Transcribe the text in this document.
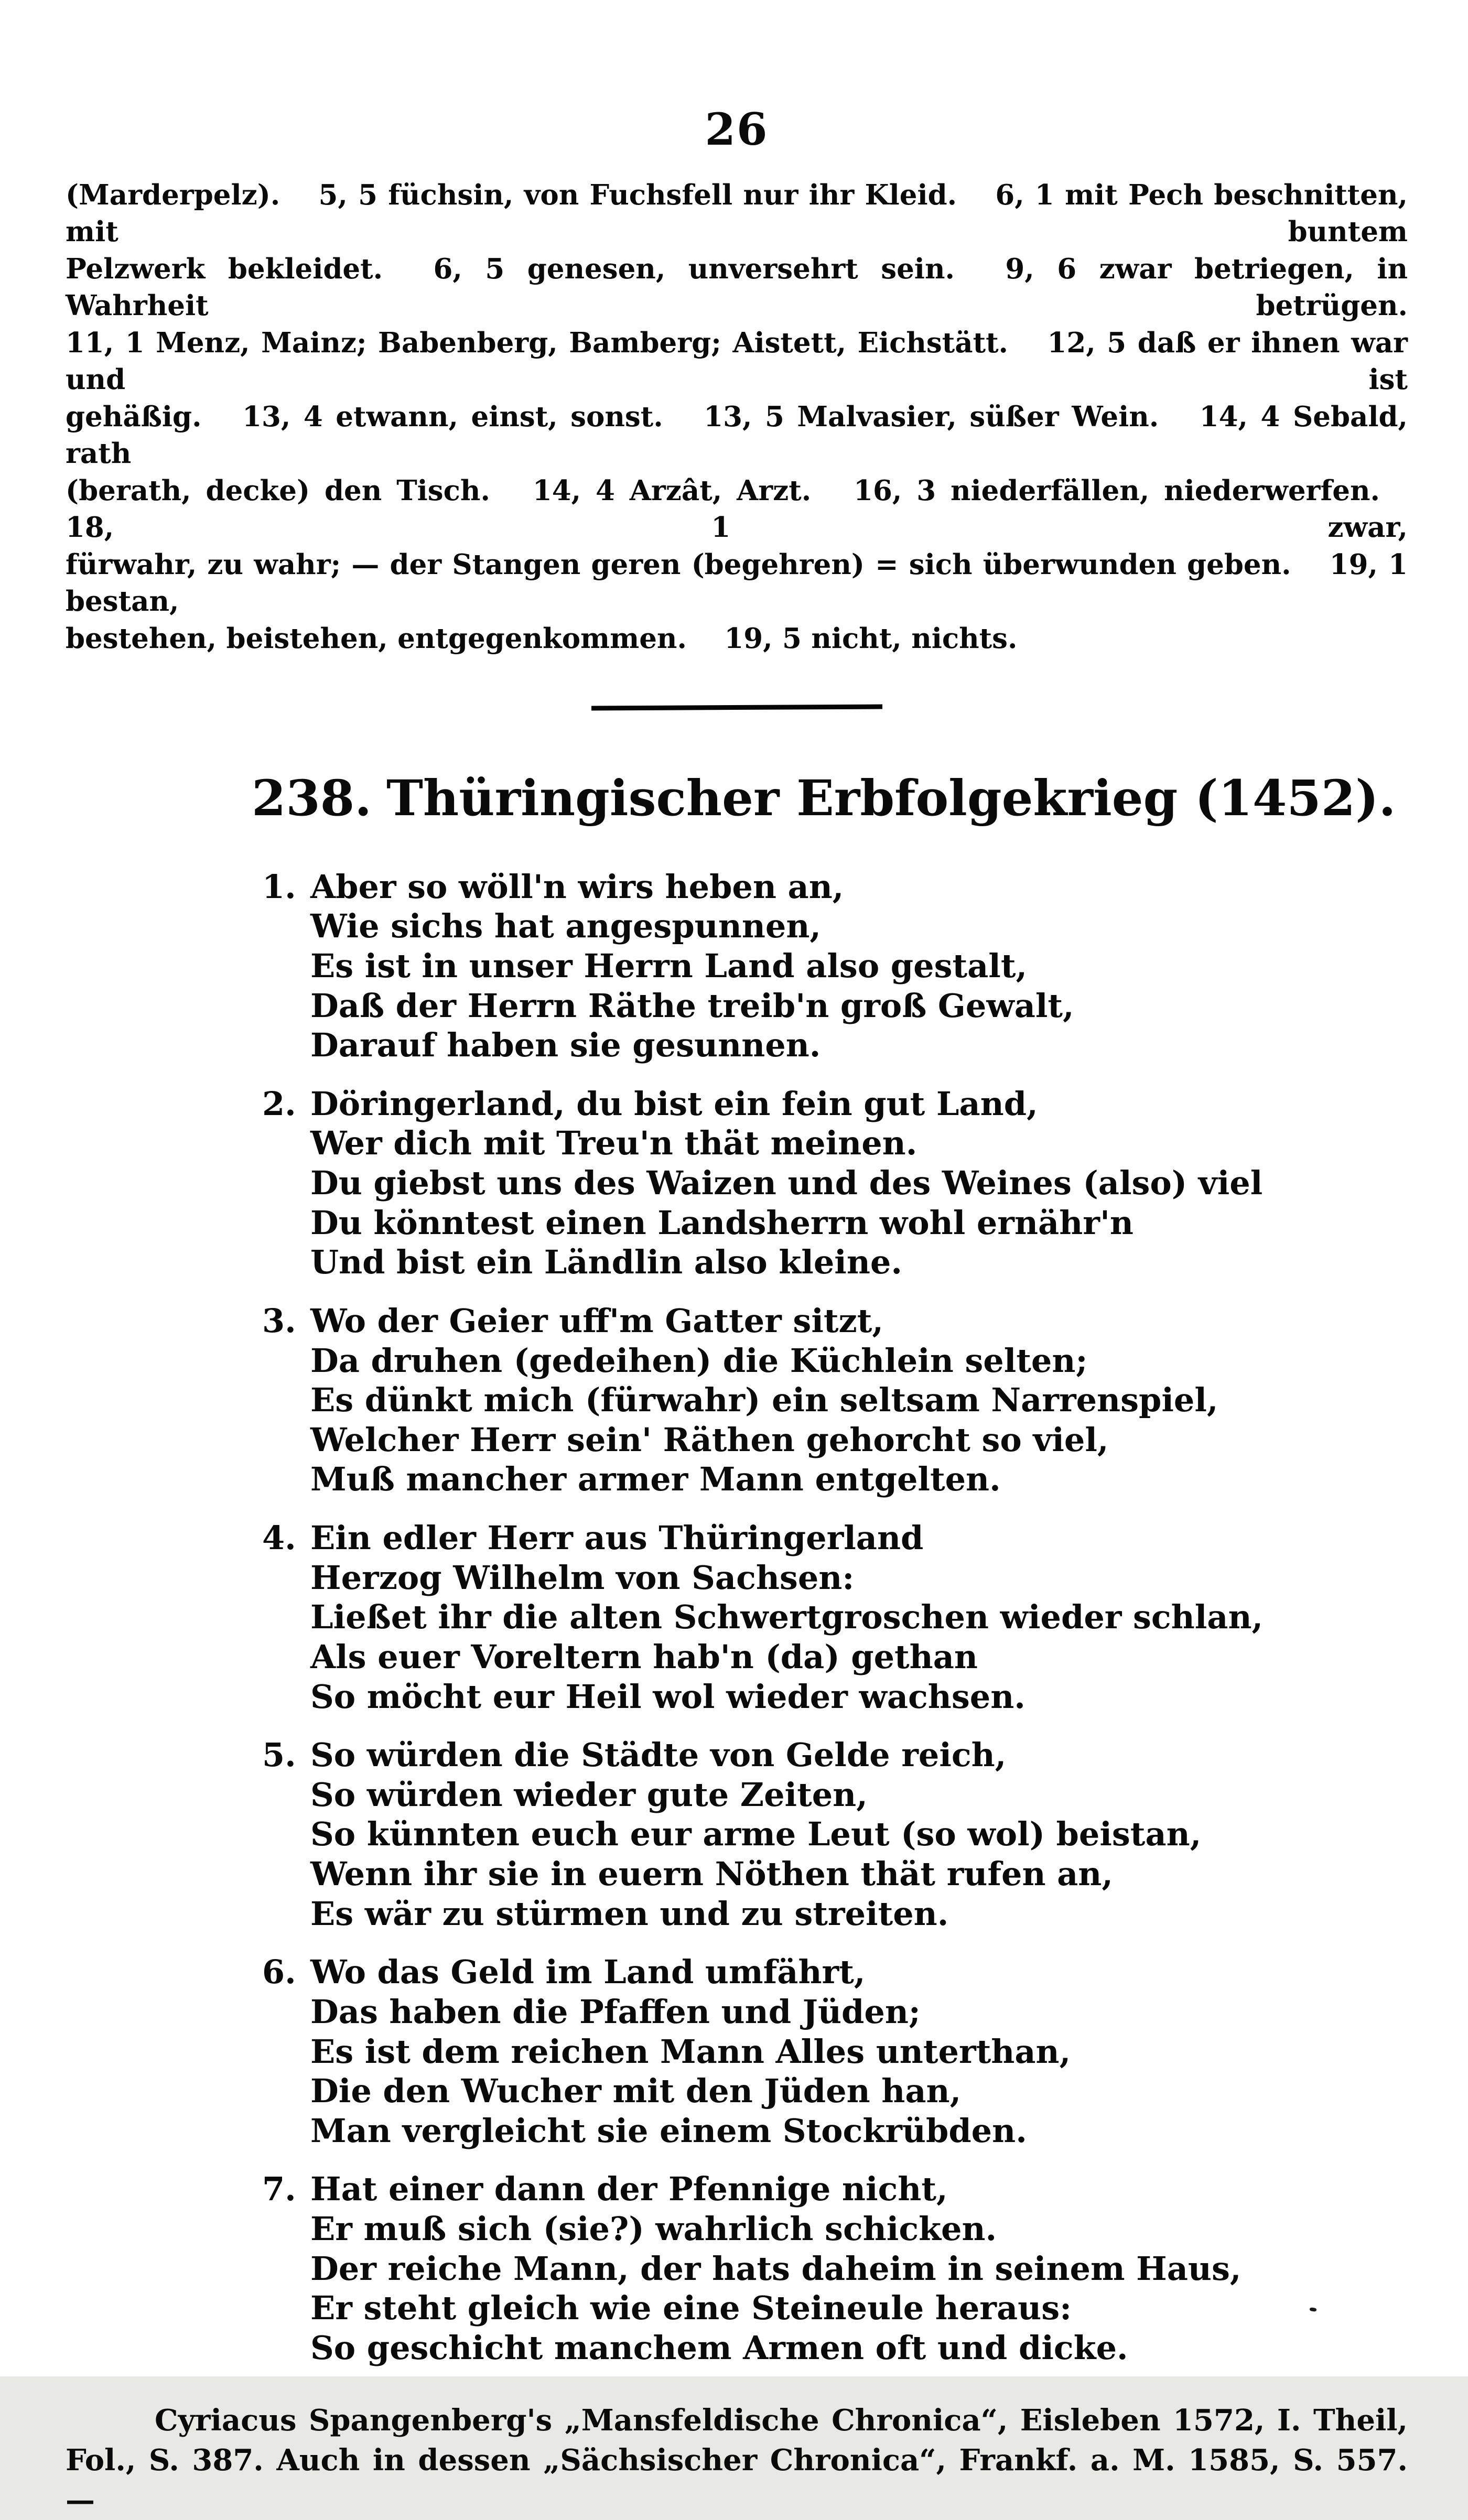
26
(Marderpelz).  5, 5 füchsin, von Fuchsfell nur ihr Kleid.  6, 1 mit Pech beschnitten, mit buntem
Pelzwerk bekleidet.  6, 5 genesen, unversehrt sein.  9, 6 zwar betriegen, in Wahrheit betrügen.
11, 1 Menz, Mainz; Babenberg, Bamberg; Aistett, Eichstätt.  12, 5 daß er ihnen war und ist
gehäßig.  13, 4 etwann, einst, sonst.  13, 5 Malvasier, süßer Wein.  14, 4 Sebald, rath
(berath, decke) den Tisch.  14, 4 Arzât, Arzt.  16, 3 niederfällen, niederwerfen.  18, 1 zwar,
fürwahr, zu wahr; — der Stangen geren (begehren) = sich überwunden geben.  19, 1 bestan,
bestehen, beistehen, entgegenkommen.  19, 5 nicht, nichts.
238. Thüringischer Erbfolgekrieg (1452).
1. Aber so wöll'n wirs heben an,
Wie sichs hat angespunnen,
Es ist in unser Herrn Land also gestalt,
Daß der Herrn Räthe treib'n groß Gewalt,
Darauf haben sie gesunnen.
2. Döringerland, du bist ein fein gut Land,
Wer dich mit Treu'n thät meinen.
Du giebst uns des Waizen und des Weines (also) viel
Du könntest einen Landsherrn wohl ernähr'n
Und bist ein Ländlin also kleine.
3. Wo der Geier uff'm Gatter sitzt,
Da druhen (gedeihen) die Küchlein selten;
Es dünkt mich (fürwahr) ein seltsam Narrenspiel,
Welcher Herr sein' Räthen gehorcht so viel,
Muß mancher armer Mann entgelten.
4. Ein edler Herr aus Thüringerland
Herzog Wilhelm von Sachsen:
Ließet ihr die alten Schwertgroschen wieder schlan,
Als euer Voreltern hab'n (da) gethan
So möcht eur Heil wol wieder wachsen.
5. So würden die Städte von Gelde reich,
So würden wieder gute Zeiten,
So künnten euch eur arme Leut (so wol) beistan,
Wenn ihr sie in euern Nöthen thät rufen an,
Es wär zu stürmen und zu streiten.
6. Wo das Geld im Land umfährt,
Das haben die Pfaffen und Jüden;
Es ist dem reichen Mann Alles unterthan,
Die den Wucher mit den Jüden han,
Man vergleicht sie einem Stockrübden.
7. Hat einer dann der Pfennige nicht,
Er muß sich (sie?) wahrlich schicken.
Der reiche Mann, der hats daheim in seinem Haus,
Er steht gleich wie eine Steineule heraus:
So geschicht manchem Armen oft und dicke.
Cyriacus Spangenberg's „Mansfeldische Chronica“, Eisleben 1572, I. Theil,
Fol., S. 387. Auch in dessen „Sächsischer Chronica“, Frankf. a. M. 1585, S. 557. —
